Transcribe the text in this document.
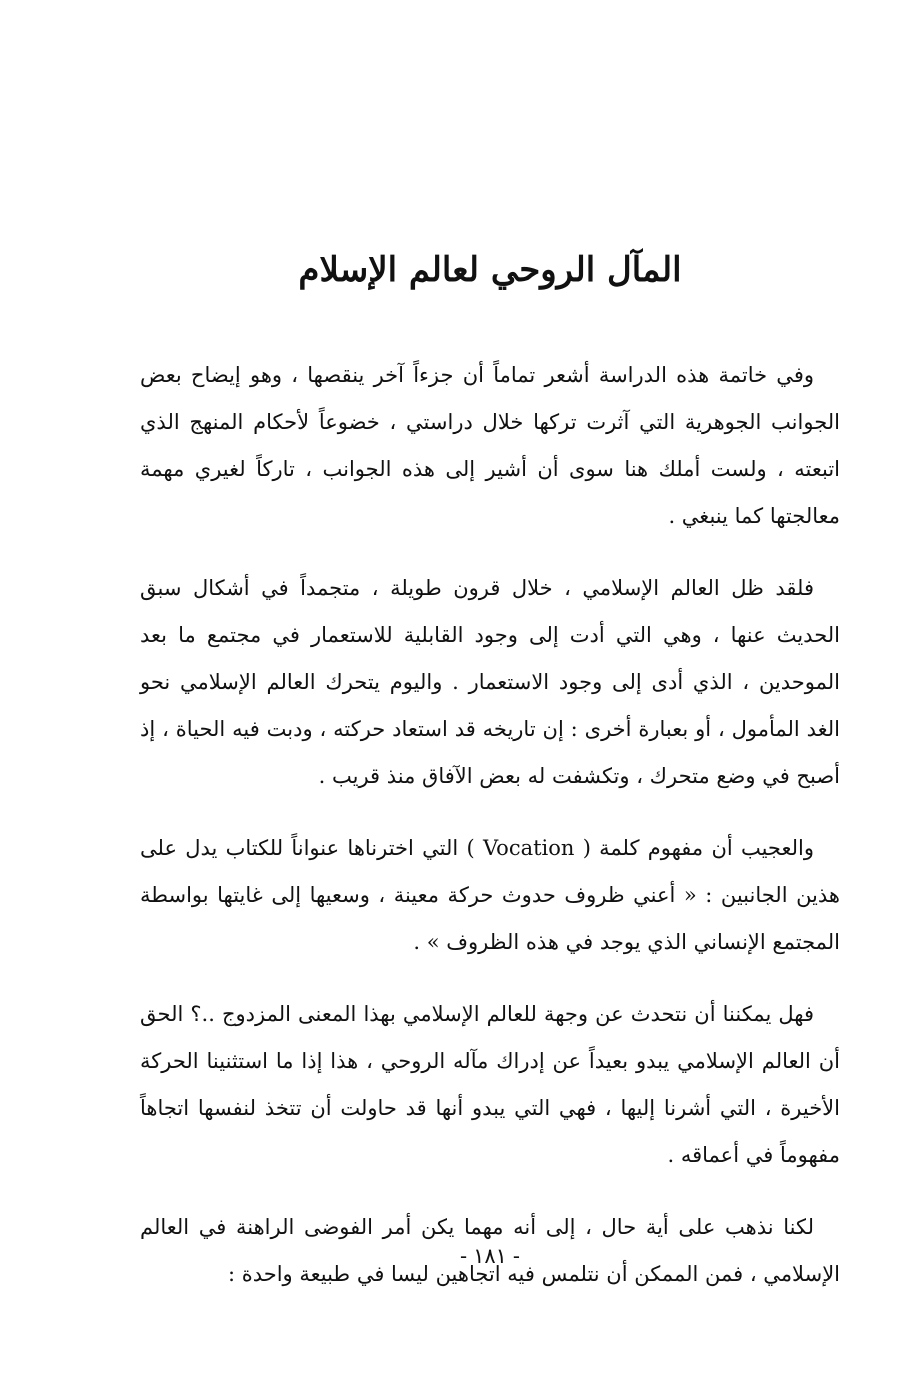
المآل الروحي لعالم الإسلام

وفي خاتمة هذه الدراسة أشعر تماماً أن جزءاً آخر ينقصها ، وهو إيضاح بعض الجوانب الجوهرية التي آثرت تركها خلال دراستي ، خضوعاً لأحكام المنهج الذي اتبعته ، ولست أملك هنا سوى أن أشير إلى هذه الجوانب ، تاركاً لغيري مهمة معالجتها كما ينبغي .

فلقد ظل العالم الإسلامي ، خلال قرون طويلة ، متجمداً في أشكال سبق الحديث عنها ، وهي التي أدت إلى وجود القابلية للاستعمار في مجتمع ما بعد الموحدين ، الذي أدى إلى وجود الاستعمار . واليوم يتحرك العالم الإسلامي نحو الغد المأمول ، أو بعبارة أخرى : إن تاريخه قد استعاد حركته ، ودبت فيه الحياة ، إذ أصبح في وضع متحرك ، وتكشفت له بعض الآفاق منذ قريب .

والعجيب أن مفهوم كلمة ( Vocation ) التي اخترناها عنواناً للكتاب يدل على هذين الجانبين : « أعني ظروف حدوث حركة معينة ، وسعيها إلى غايتها بواسطة المجتمع الإنساني الذي يوجد في هذه الظروف » .

فهل يمكننا أن نتحدث عن وجهة للعالم الإسلامي بهذا المعنى المزدوج ..؟ الحق أن العالم الإسلامي يبدو بعيداً عن إدراك مآله الروحي ، هذا إذا ما استثنينا الحركة الأخيرة ، التي أشرنا إليها ، فهي التي يبدو أنها قد حاولت أن تتخذ لنفسها اتجاهاً مفهوماً في أعماقه .

لكنا نذهب على أية حال ، إلى أنه مهما يكن أمر الفوضى الراهنة في العالم الإسلامي ، فمن الممكن أن نتلمس فيه اتجاهين ليسا في طبيعة واحدة :

-١٨١-
